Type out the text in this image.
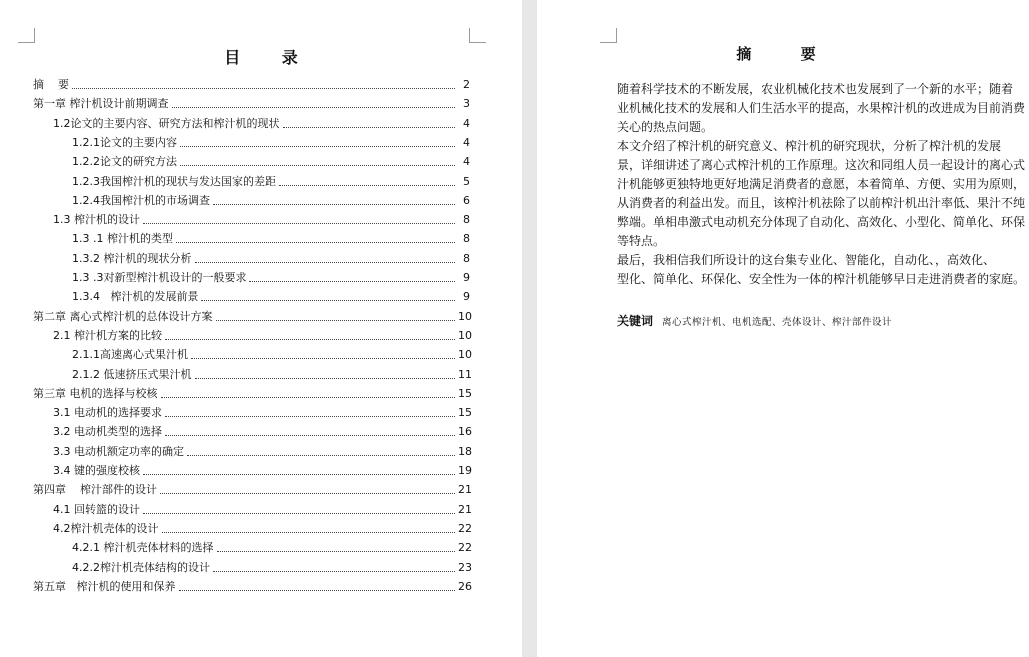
目 录
摘    要	2
第一章 榨汁机设计前期调查	3
1.2论文的主要内容、研究方法和榨汁机的现状	4
1.2.1论文的主要内容	4
1.2.2论文的研究方法	4
1.2.3我国榨汁机的现状与发达国家的差距	5
1.2.4我国榨汁机的市场调查	6
1.3 榨汁机的设计	8
1.3 .1 榨汁机的类型	8
1.3.2 榨汁机的现状分析	8
1.3 .3对新型榨汁机设计的一般要求	9
1.3.4   榨汁机的发展前景	9
第二章 离心式榨汁机的总体设计方案	10
2.1 榨汁机方案的比较	10
2.1.1高速离心式果汁机	10
2.1.2 低速挤压式果汁机	11
第三章 电机的选择与校核	15
3.1 电动机的选择要求	15
3.2 电动机类型的选择	16
3.3 电动机额定功率的确定	18
3.4 键的强度校核	19
第四章    榨汁部件的设计	21
4.1 回转篮的设计	21
4.2榨汁机壳体的设计	22
4.2.1 榨汁机壳体材料的选择	22
4.2.2榨汁机壳体结构的设计	23
第五章   榨汁机的使用和保养	26
摘 要
随着科学技术的不断发展，农业机械化技术也发展到了一个新的水平；随着
业机械化技术的发展和人们生活水平的提高，水果榨汁机的改进成为目前消费
关心的热点问题。
本文介绍了榨汁机的研究意义、榨汁机的研究现状，分析了榨汁机的发展
景，详细讲述了离心式榨汁机的工作原理。这次和同组人员一起设计的离心式
汁机能够更独特地更好地满足消费者的意愿，本着简单、方便、实用为原则，
从消费者的利益出发。而且，该榨汁机祛除了以前榨汁机出汁率低、果汁不纯
弊端。单相串激式电动机充分体现了自动化、高效化、小型化、简单化、环保
等特点。
最后，我相信我们所设计的这台集专业化、智能化，自动化、，高效化、
型化、简单化、环保化、安全性为一体的榨汁机能够早日走进消费者的家庭。
关键词 离心式榨汁机、电机选配、壳体设计、榨汁部件设计
